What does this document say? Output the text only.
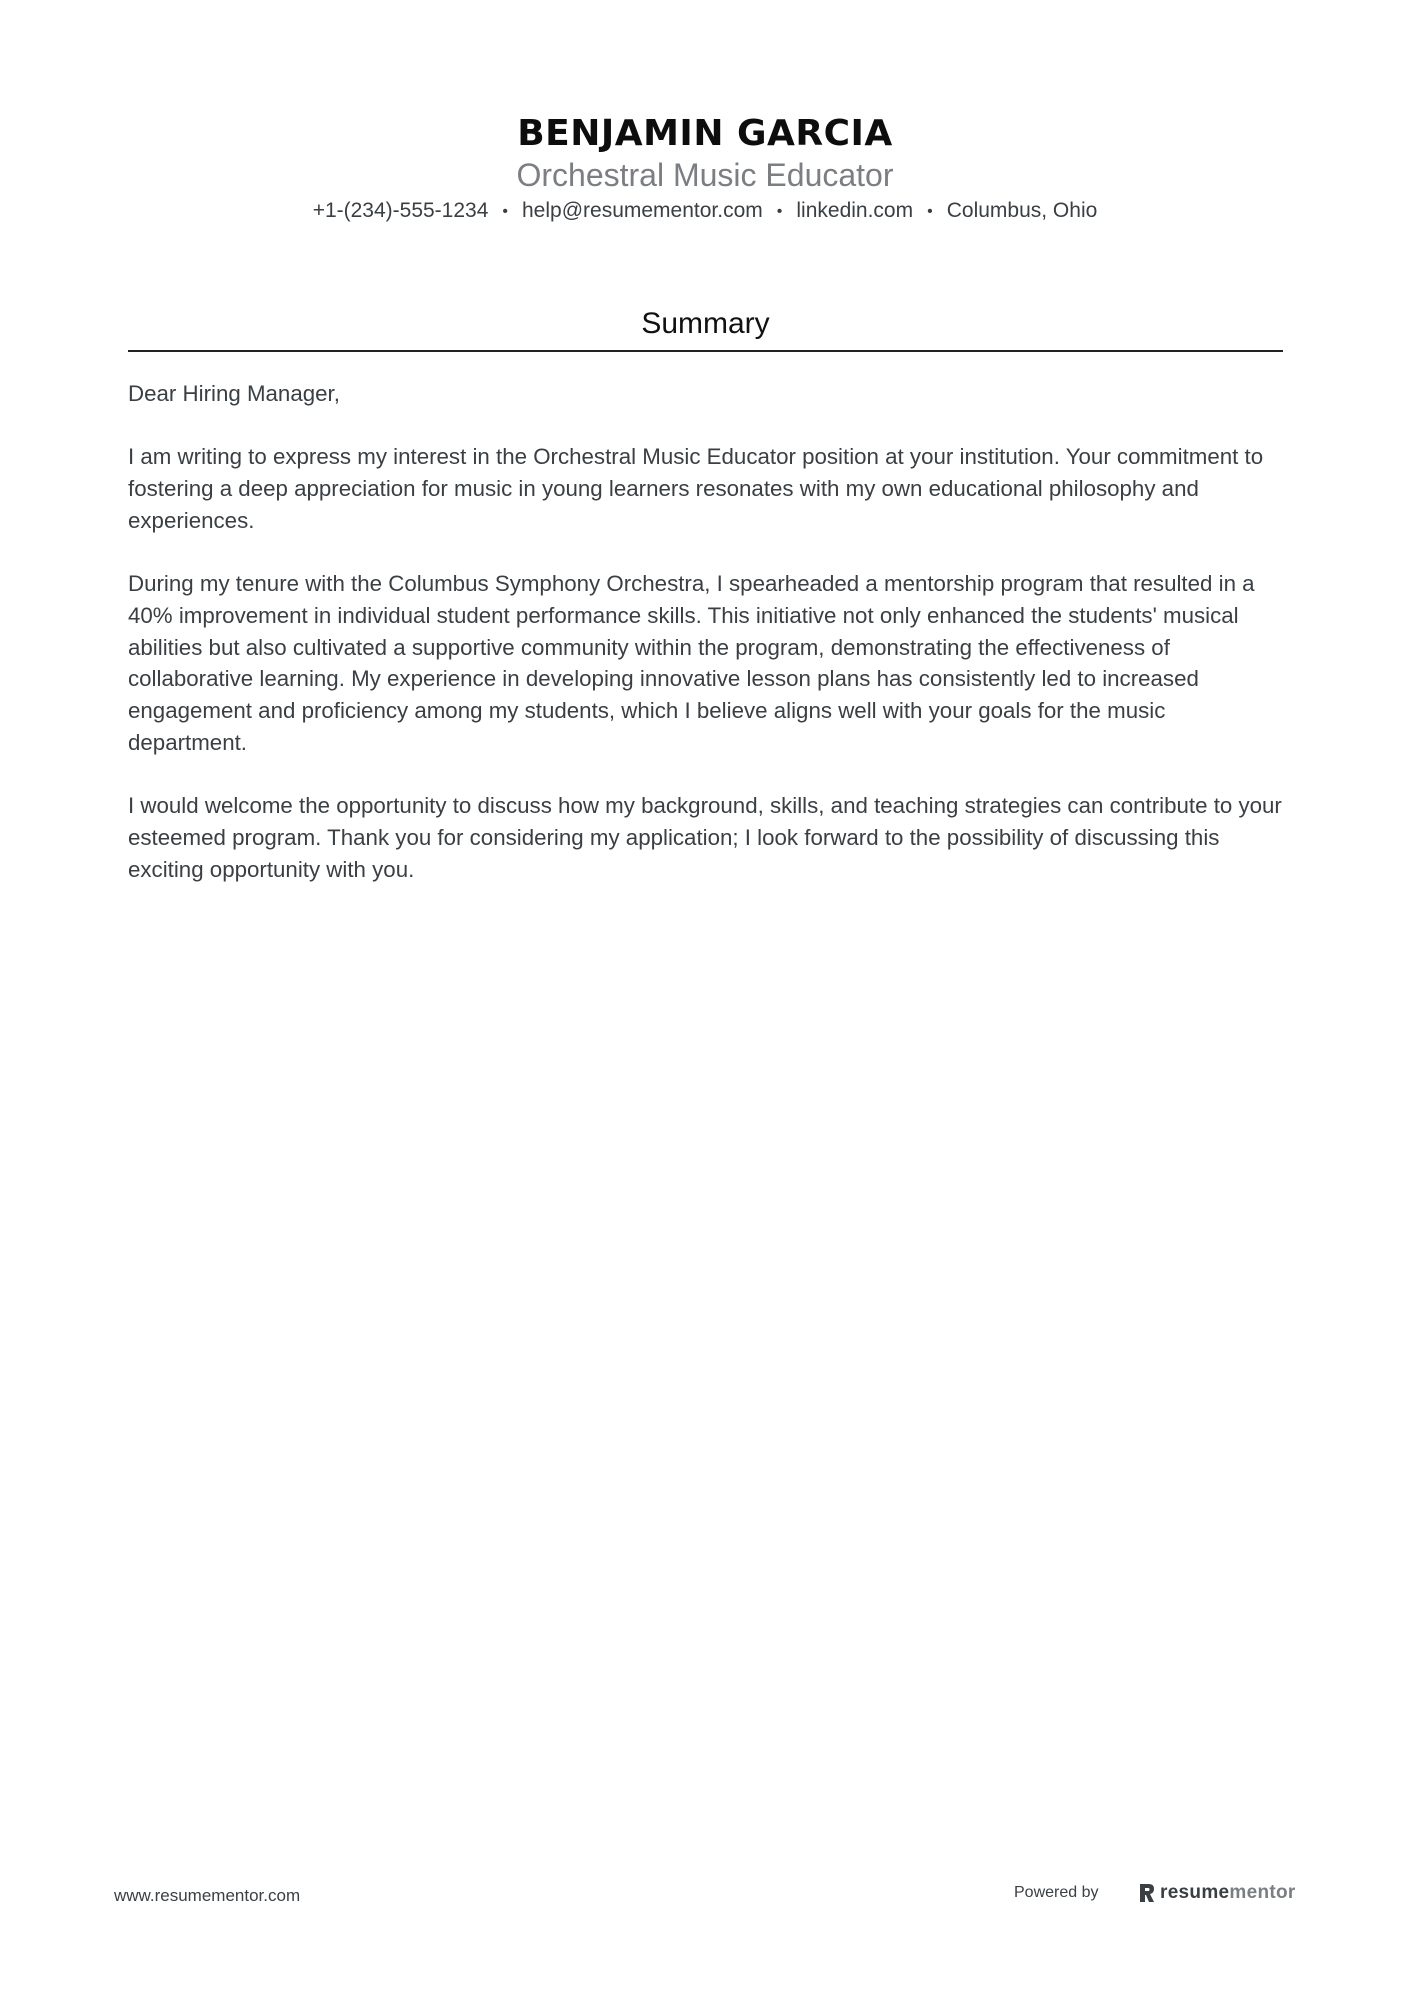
BENJAMIN GARCIA
Orchestral Music Educator
+1-(234)-555-1234 • help@resumementor.com • linkedin.com • Columbus, Ohio
Summary

Dear Hiring Manager,

I am writing to express my interest in the Orchestral Music Educator position at your institution. Your commitment to fostering a deep appreciation for music in young learners resonates with my own educational philosophy and experiences.

During my tenure with the Columbus Symphony Orchestra, I spearheaded a mentorship program that resulted in a 40% improvement in individual student performance skills. This initiative not only enhanced the students' musical abilities but also cultivated a supportive community within the program, demonstrating the effectiveness of collaborative learning. My experience in developing innovative lesson plans has consistently led to increased engagement and proficiency among my students, which I believe aligns well with your goals for the music department.

I would welcome the opportunity to discuss how my background, skills, and teaching strategies can contribute to your esteemed program. Thank you for considering my application; I look forward to the possibility of discussing this exciting opportunity with you.

www.resumementor.com	Powered by	resumementor
